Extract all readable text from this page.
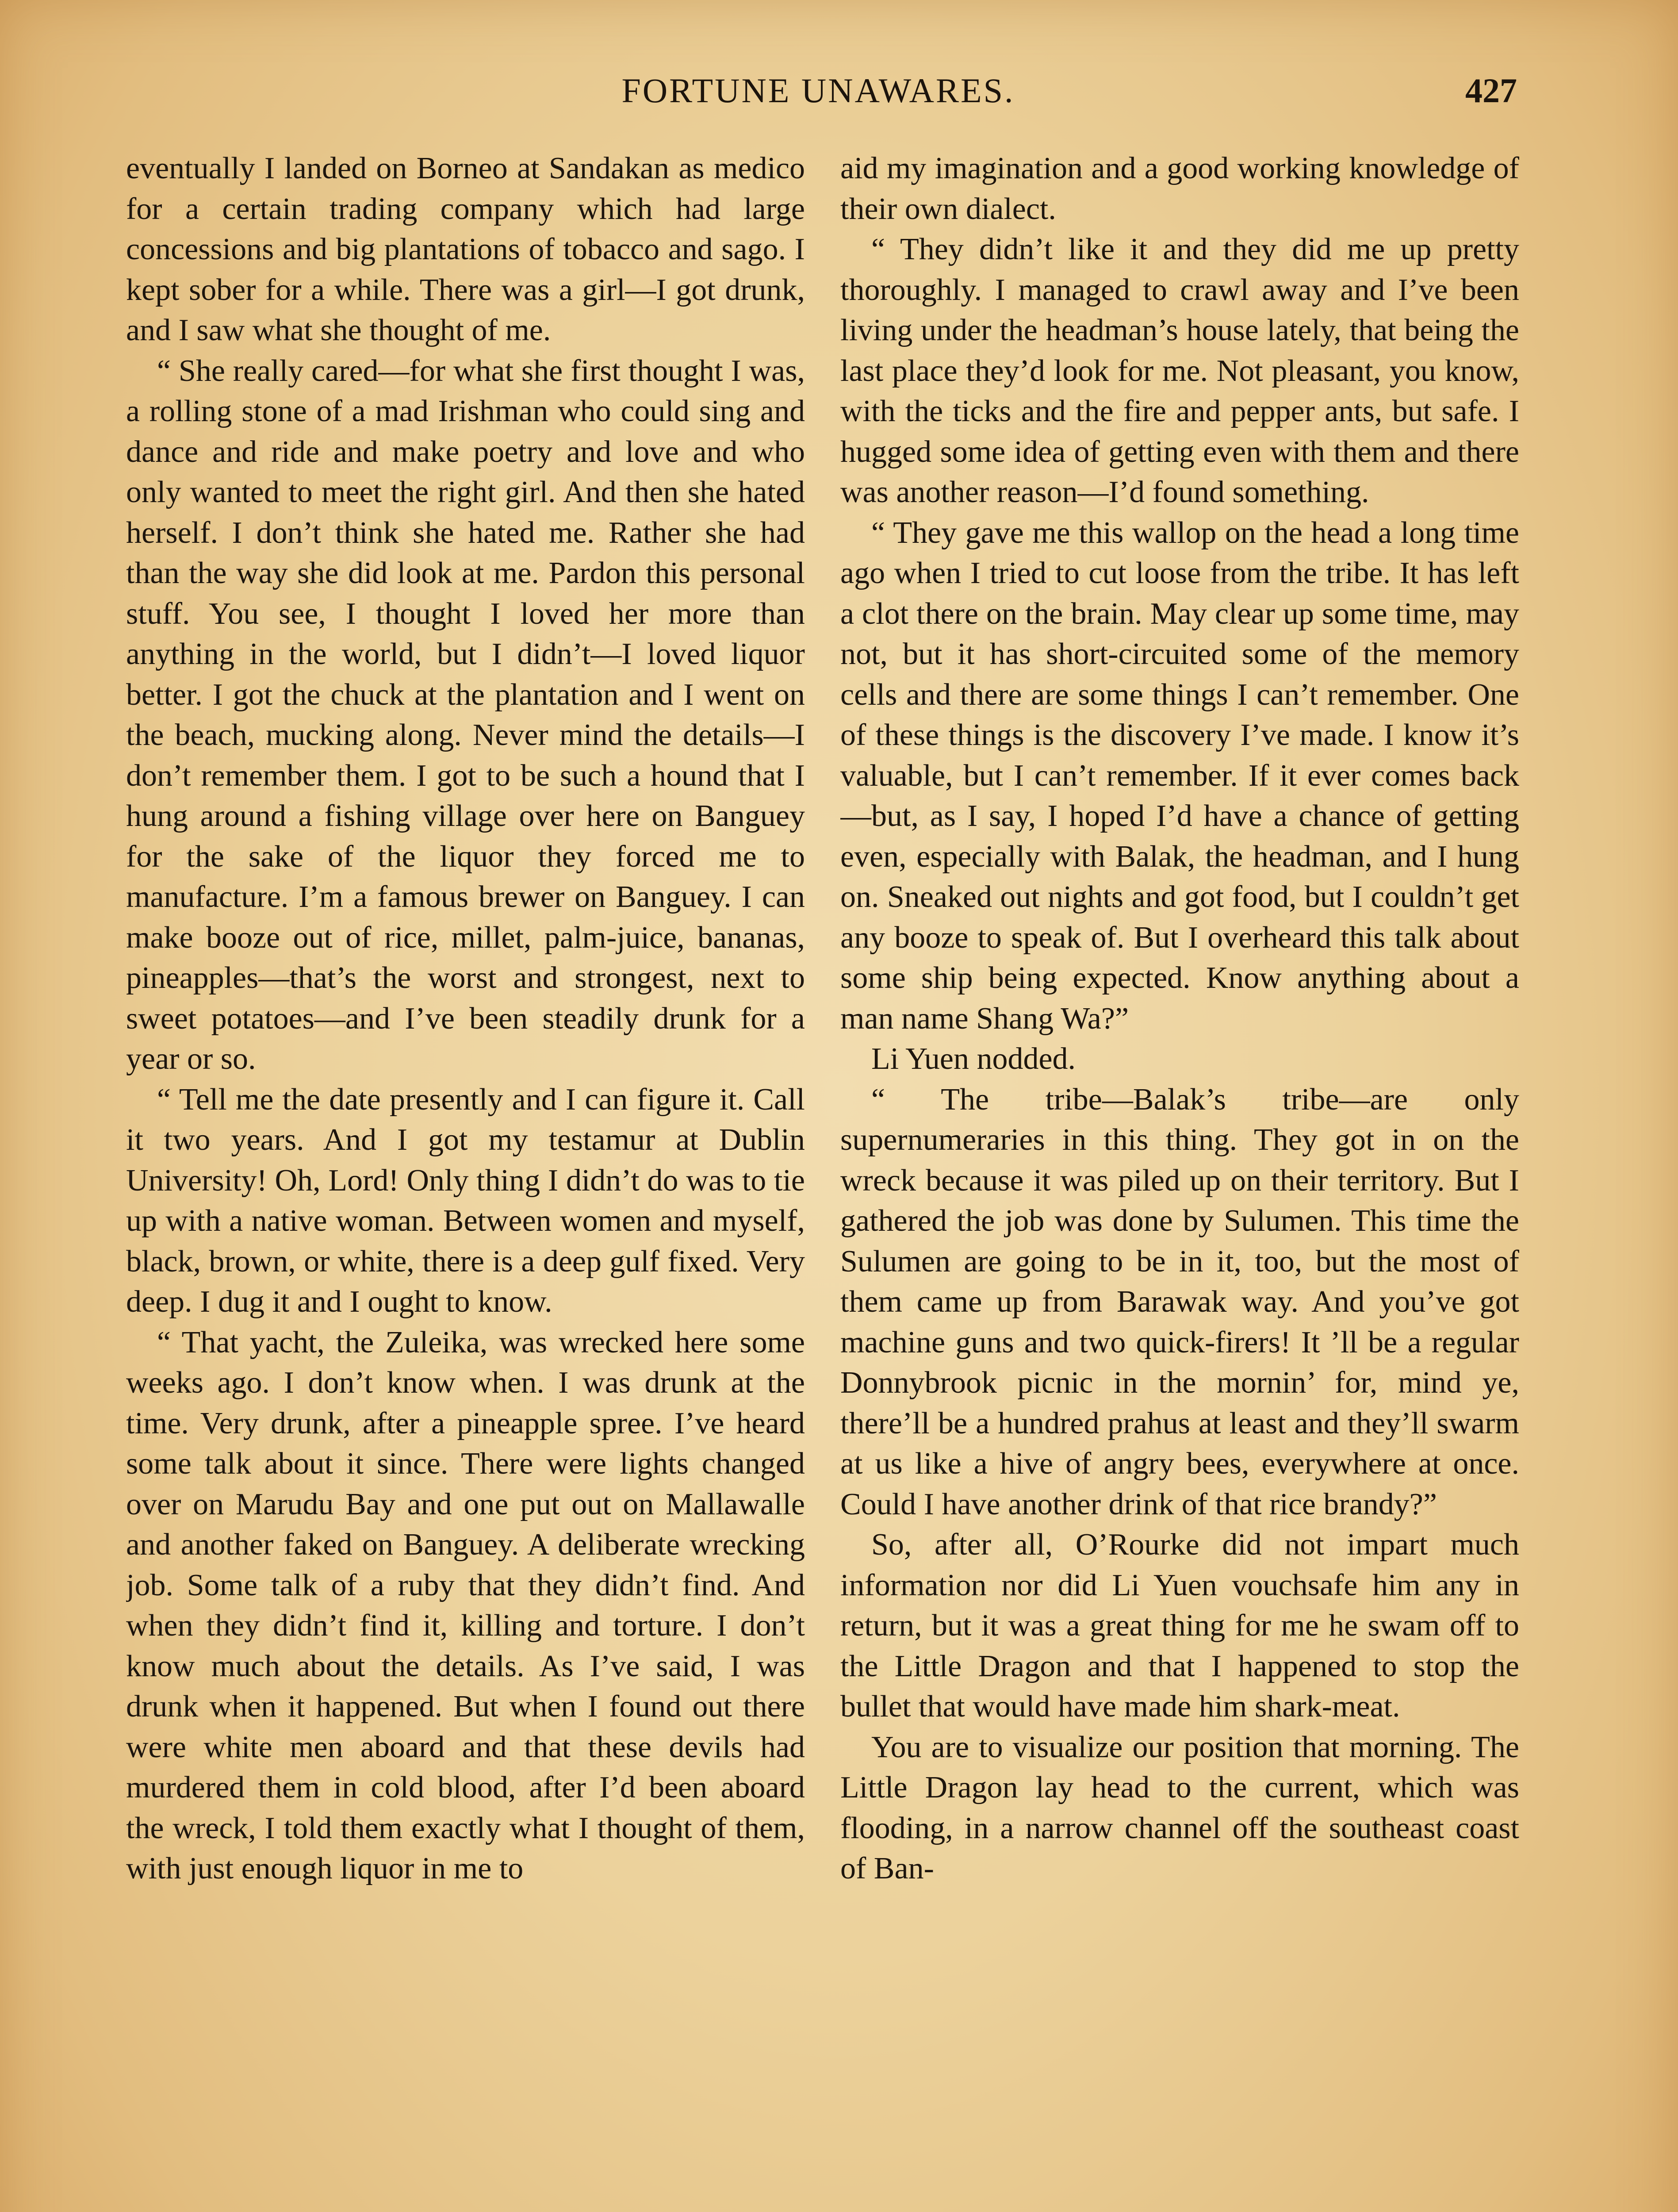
FORTUNE UNAWARES.	427

eventually I landed on Borneo at Sandakan as medico for a certain trading company which had large concessions and big plantations of tobacco and sago. I kept sober for a while. There was a girl—I got drunk, and I saw what she thought of me.

“ She really cared—for what she first thought I was, a rolling stone of a mad Irishman who could sing and dance and ride and make poetry and love and who only wanted to meet the right girl. And then she hated herself. I don’t think she hated me. Rather she had than the way she did look at me. Pardon this personal stuff. You see, I thought I loved her more than anything in the world, but I didn’t—I loved liquor better. I got the chuck at the plantation and I went on the beach, mucking along. Never mind the details—I don’t remember them. I got to be such a hound that I hung around a fishing village over here on Banguey for the sake of the liquor they forced me to manufacture. I’m a famous brewer on Banguey. I can make booze out of rice, millet, palm-juice, bananas, pineapples—that’s the worst and strongest, next to sweet potatoes—and I’ve been steadily drunk for a year or so.

“ Tell me the date presently and I can figure it. Call it two years. And I got my testamur at Dublin University! Oh, Lord! Only thing I didn’t do was to tie up with a native woman. Between women and myself, black, brown, or white, there is a deep gulf fixed. Very deep. I dug it and I ought to know.

“ That yacht, the Zuleika, was wrecked here some weeks ago. I don’t know when. I was drunk at the time. Very drunk, after a pineapple spree. I’ve heard some talk about it since. There were lights changed over on Marudu Bay and one put out on Mallawalle and another faked on Banguey. A deliberate wrecking job. Some talk of a ruby that they didn’t find. And when they didn’t find it, killing and torture. I don’t know much about the details. As I’ve said, I was drunk when it happened. But when I found out there were white men aboard and that these devils had murdered them in cold blood, after I’d been aboard the wreck, I told them exactly what I thought of them, with just enough liquor in me to

aid my imagination and a good working knowledge of their own dialect.

“ They didn’t like it and they did me up pretty thoroughly. I managed to crawl away and I’ve been living under the headman’s house lately, that being the last place they’d look for me. Not pleasant, you know, with the ticks and the fire and pepper ants, but safe. I hugged some idea of getting even with them and there was another reason—I’d found something.

“ They gave me this wallop on the head a long time ago when I tried to cut loose from the tribe. It has left a clot there on the brain. May clear up some time, may not, but it has short-circuited some of the memory cells and there are some things I can’t remember. One of these things is the discovery I’ve made. I know it’s valuable, but I can’t remember. If it ever comes back—but, as I say, I hoped I’d have a chance of getting even, especially with Balak, the headman, and I hung on. Sneaked out nights and got food, but I couldn’t get any booze to speak of. But I overheard this talk about some ship being expected. Know anything about a man name Shang Wa?”

Li Yuen nodded.

“ The tribe—Balak’s tribe—are only supernumeraries in this thing. They got in on the wreck because it was piled up on their territory. But I gathered the job was done by Sulumen. This time the Sulumen are going to be in it, too, but the most of them came up from Barawak way. And you’ve got machine guns and two quick-firers! It ’ll be a regular Donnybrook picnic in the mornin’ for, mind ye, there’ll be a hundred prahus at least and they’ll swarm at us like a hive of angry bees, everywhere at once. Could I have another drink of that rice brandy?”

So, after all, O’Rourke did not impart much information nor did Li Yuen vouchsafe him any in return, but it was a great thing for me he swam off to the Little Dragon and that I happened to stop the bullet that would have made him shark-meat.

You are to visualize our position that morning. The Little Dragon lay head to the current, which was flooding, in a narrow channel off the southeast coast of Ban-
